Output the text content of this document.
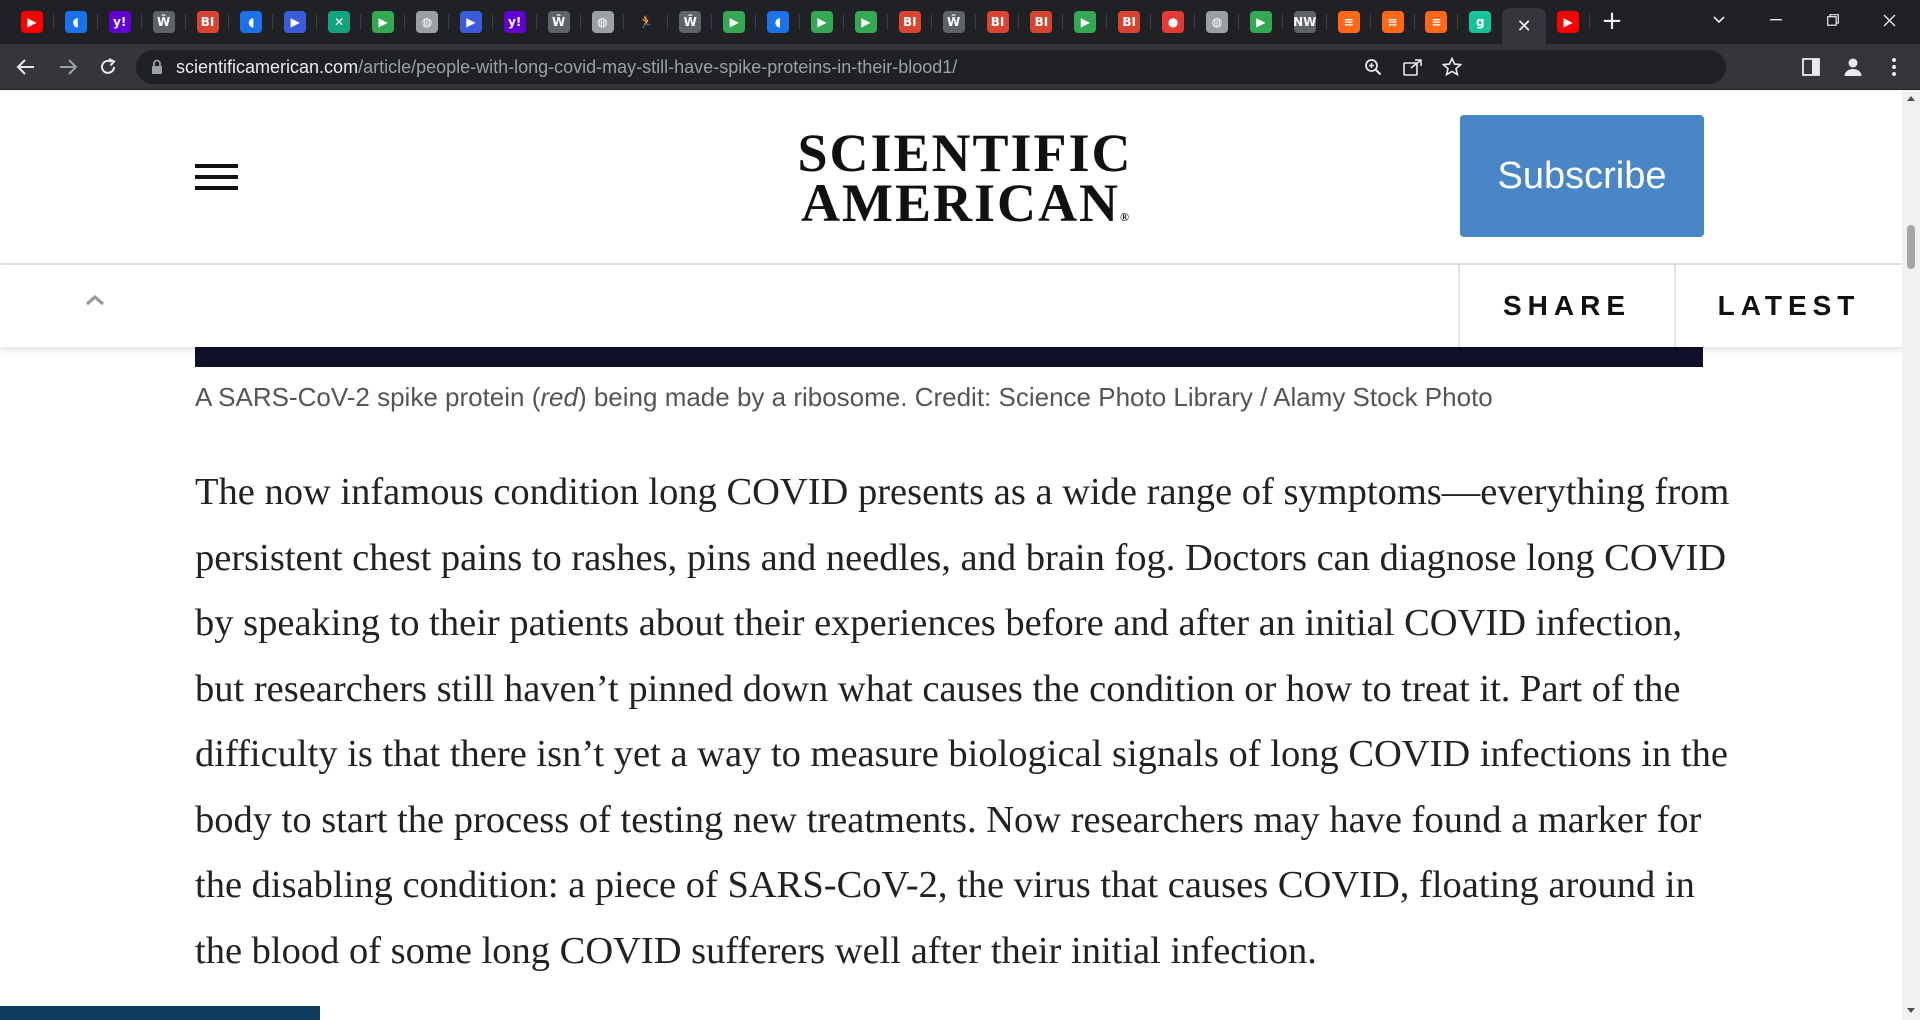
▶	◖	y!	Ŵ	BI	◖	▶	✕	▶	◍	▶	y!	Ŵ	◍	🏃	Ŵ	▶	◖	▶	▶	BI	Ŵ	BI	BI	▶	BI	●	◍	▶	NW	≡	≡	≡	g	✕	▶ +
scientificamerican.com/article/people-with-long-covid-may-still-have-spike-proteins-in-their-blood1/
SCIENTIFIC
AMERICAN®
Subscribe
SHARE	LATEST
A SARS-CoV-2 spike protein (red) being made by a ribosome. Credit: Science Photo Library / Alamy Stock Photo

The now infamous condition long COVID presents as a wide range of symptoms—everything from persistent chest pains to rashes, pins and needles, and brain fog. Doctors can diagnose long COVID by speaking to their patients about their experiences before and after an initial COVID infection, but researchers still haven’t pinned down what causes the condition or how to treat it. Part of the difficulty is that there isn’t yet a way to measure biological signals of long COVID infections in the body to start the process of testing new treatments. Now researchers may have found a marker for the disabling condition: a piece of SARS-CoV-2, the virus that causes COVID, floating around in the blood of some long COVID sufferers well after their initial infection.
